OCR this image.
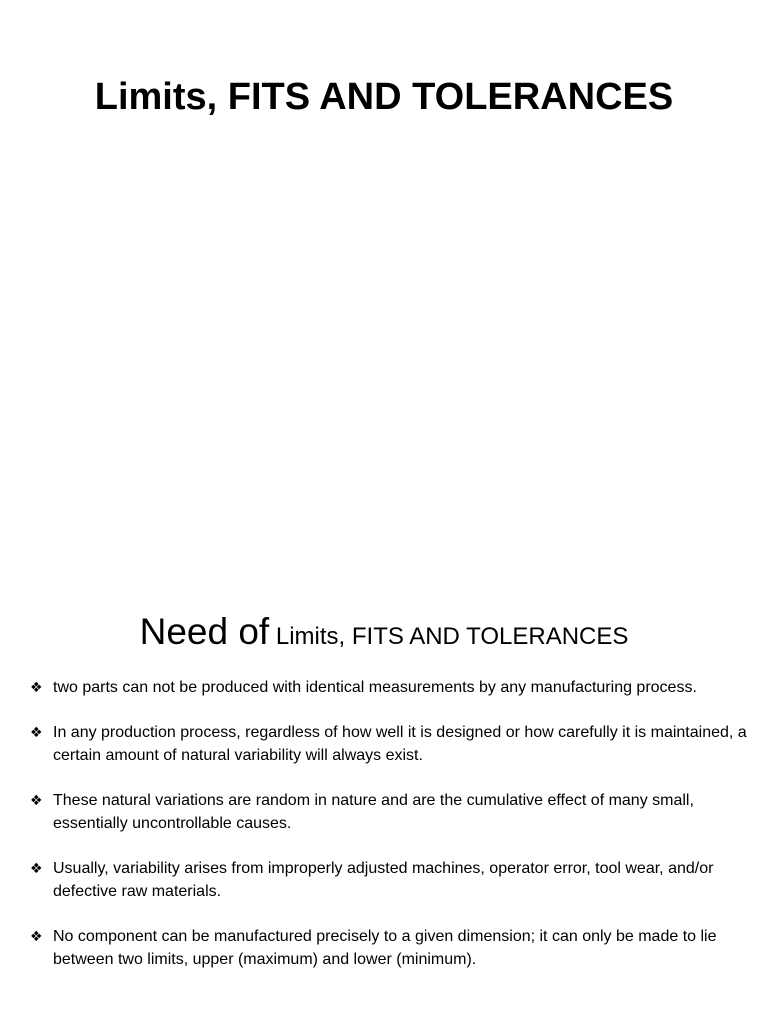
Limits, FITS AND TOLERANCES
Need of Limits, FITS AND TOLERANCES
❖ two parts can not be produced with identical measurements by any manufacturing process.
❖ In any production process, regardless of how well it is designed or how carefully it is maintained, a certain amount of natural variability will always exist.
❖ These natural variations are random in nature and are the cumulative effect of many small, essentially uncontrollable causes.
❖ Usually, variability arises from improperly adjusted machines, operator error, tool wear, and/or defective raw materials.
❖ No component can be manufactured precisely to a given dimension; it can only be made to lie between two limits, upper (maximum) and lower (minimum).
